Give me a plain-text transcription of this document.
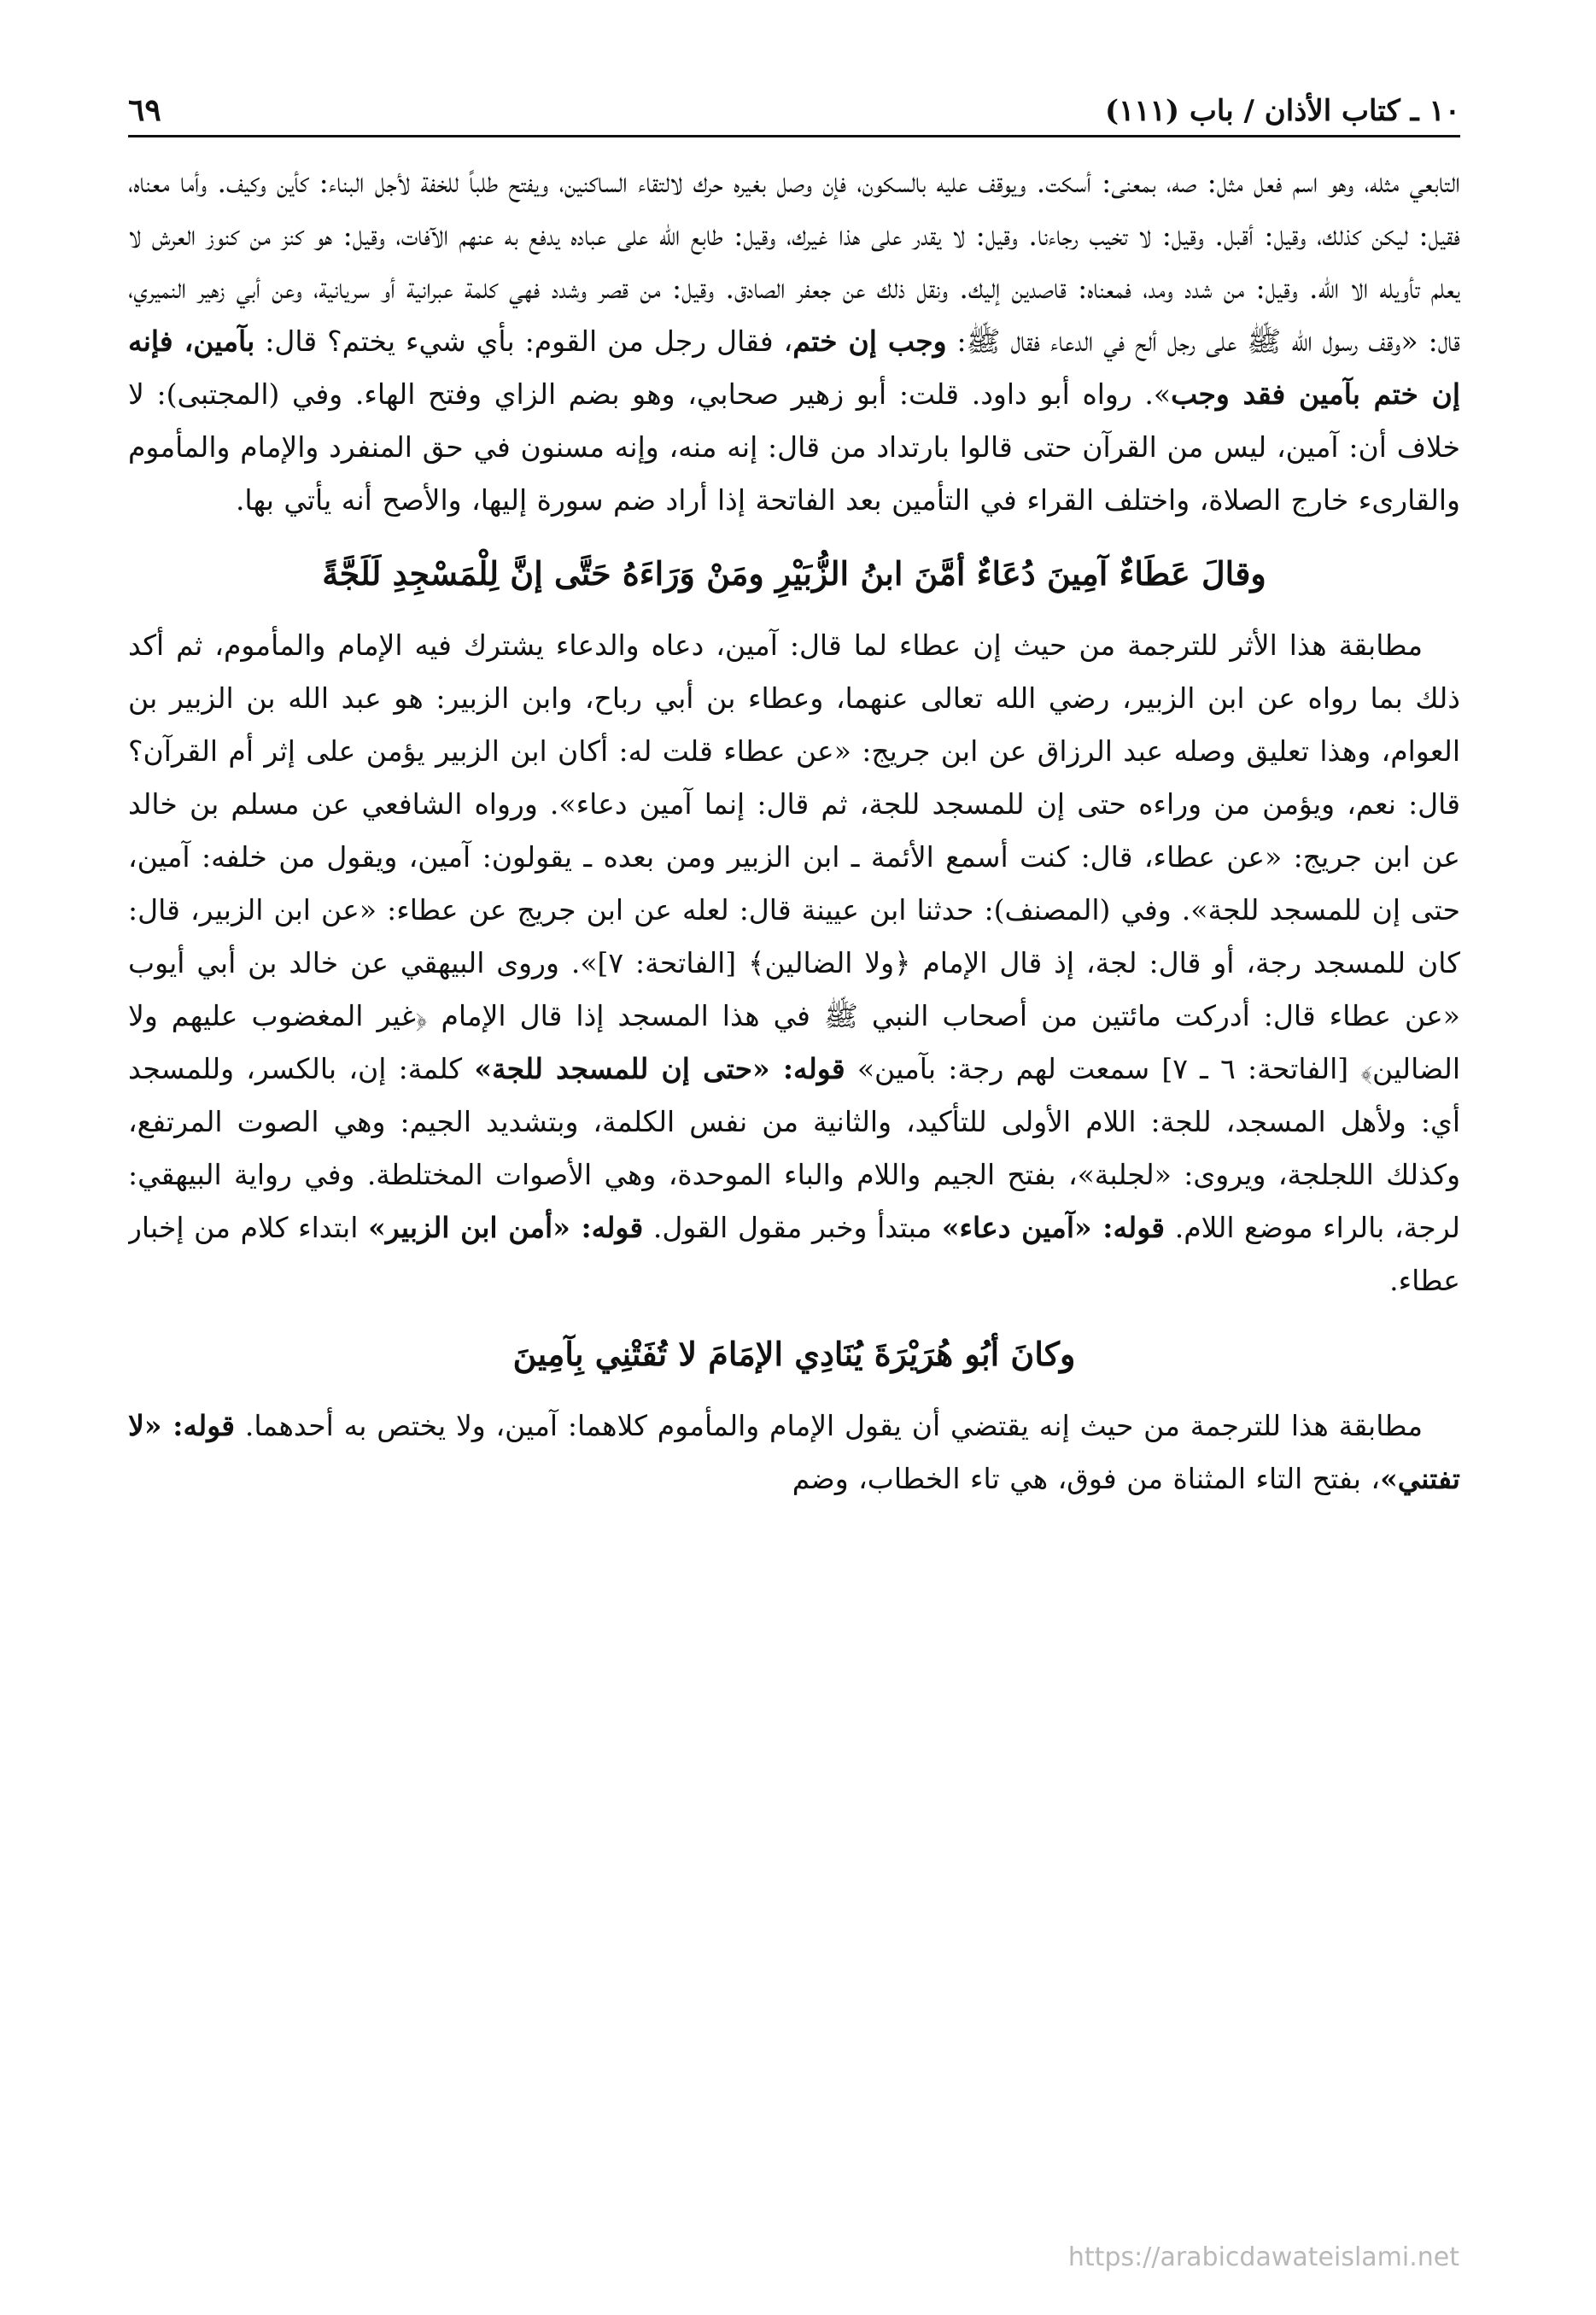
١٠ ـ كتاب الأذان / باب (١١١)
٦٩

التابعي مثله، وهو اسم فعل مثل: صه، بمعنى: أسكت. ويوقف عليه بالسكون، فإن وصل بغيره حرك لالتقاء الساكنين، ويفتح طلباً للخفة لأجل البناء: كأين وكيف. وأما معناه، فقيل: ليكن كذلك، وقيل: أقبل. وقيل: لا تخيب رجاءنا. وقيل: لا يقدر على هذا غيرك، وقيل: طابع الله على عباده يدفع به عنهم الآفات، وقيل: هو كنز من كنوز العرش لا يعلم تأويله الا الله. وقيل: من شدد ومد، فمعناه: قاصدين إليك. ونقل ذلك عن جعفر الصادق. وقيل: من قصر وشدد فهي كلمة عبرانية أو سريانية، وعن أبي زهير النميري، قال: «وقف رسول الله ﷺ على رجل ألح في الدعاء فقال ﷺ: وجب إن ختم، فقال رجل من القوم: بأي شيء يختم؟ قال: بآمين، فإنه إن ختم بآمين فقد وجب». رواه أبو داود. قلت: أبو زهير صحابي، وهو بضم الزاي وفتح الهاء. وفي (المجتبى): لا خلاف أن: آمين، ليس من القرآن حتى قالوا بارتداد من قال: إنه منه، وإنه مسنون في حق المنفرد والإمام والمأموم والقارىء خارج الصلاة، واختلف القراء في التأمين بعد الفاتحة إذا أراد ضم سورة إليها، والأصح أنه يأتي بها.

وقالَ عَطَاءٌ آمِينَ دُعَاءٌ أمَّنَ ابنُ الزُّبَيْرِ ومَنْ وَرَاءَهُ حَتَّى إنَّ لِلْمَسْجِدِ لَلَجَّةً

مطابقة هذا الأثر للترجمة من حيث إن عطاء لما قال: آمين، دعاه والدعاء يشترك فيه الإمام والمأموم، ثم أكد ذلك بما رواه عن ابن الزبير، رضي الله تعالى عنهما، وعطاء بن أبي رباح، وابن الزبير: هو عبد الله بن الزبير بن العوام، وهذا تعليق وصله عبد الرزاق عن ابن جريج: «عن عطاء قلت له: أكان ابن الزبير يؤمن على إثر أم القرآن؟ قال: نعم، ويؤمن من وراءه حتى إن للمسجد للجة، ثم قال: إنما آمين دعاء». ورواه الشافعي عن مسلم بن خالد عن ابن جريج: «عن عطاء، قال: كنت أسمع الأئمة ـ ابن الزبير ومن بعده ـ يقولون: آمين، ويقول من خلفه: آمين، حتى إن للمسجد للجة». وفي (المصنف): حدثنا ابن عيينة قال: لعله عن ابن جريج عن عطاء: «عن ابن الزبير، قال: كان للمسجد رجة، أو قال: لجة، إذ قال الإمام ﴿ولا الضالين﴾ [الفاتحة: ٧]». وروى البيهقي عن خالد بن أبي أيوب «عن عطاء قال: أدركت مائتين من أصحاب النبي ﷺ في هذا المسجد إذا قال الإمام ﴿غير المغضوب عليهم ولا الضالين﴾ [الفاتحة: ٦ ـ ٧] سمعت لهم رجة: بآمين» قوله: «حتى إن للمسجد للجة» كلمة: إن، بالكسر، وللمسجد أي: ولأهل المسجد، للجة: اللام الأولى للتأكيد، والثانية من نفس الكلمة، وبتشديد الجيم: وهي الصوت المرتفع، وكذلك اللجلجة، ويروى: «لجلبة»، بفتح الجيم واللام والباء الموحدة، وهي الأصوات المختلطة. وفي رواية البيهقي: لرجة، بالراء موضع اللام. قوله: «آمين دعاء» مبتدأ وخبر مقول القول. قوله: «أمن ابن الزبير» ابتداء كلام من إخبار عطاء.

وكانَ أبُو هُرَيْرَةَ يُنَادِي الإمَامَ لا تُفَتْنِي بِآمِينَ

مطابقة هذا للترجمة من حيث إنه يقتضي أن يقول الإمام والمأموم كلاهما: آمين، ولا يختص به أحدهما. قوله: «لا تفتني»، بفتح التاء المثناة من فوق، هي تاء الخطاب، وضم

https://arabicdawateislami.net
